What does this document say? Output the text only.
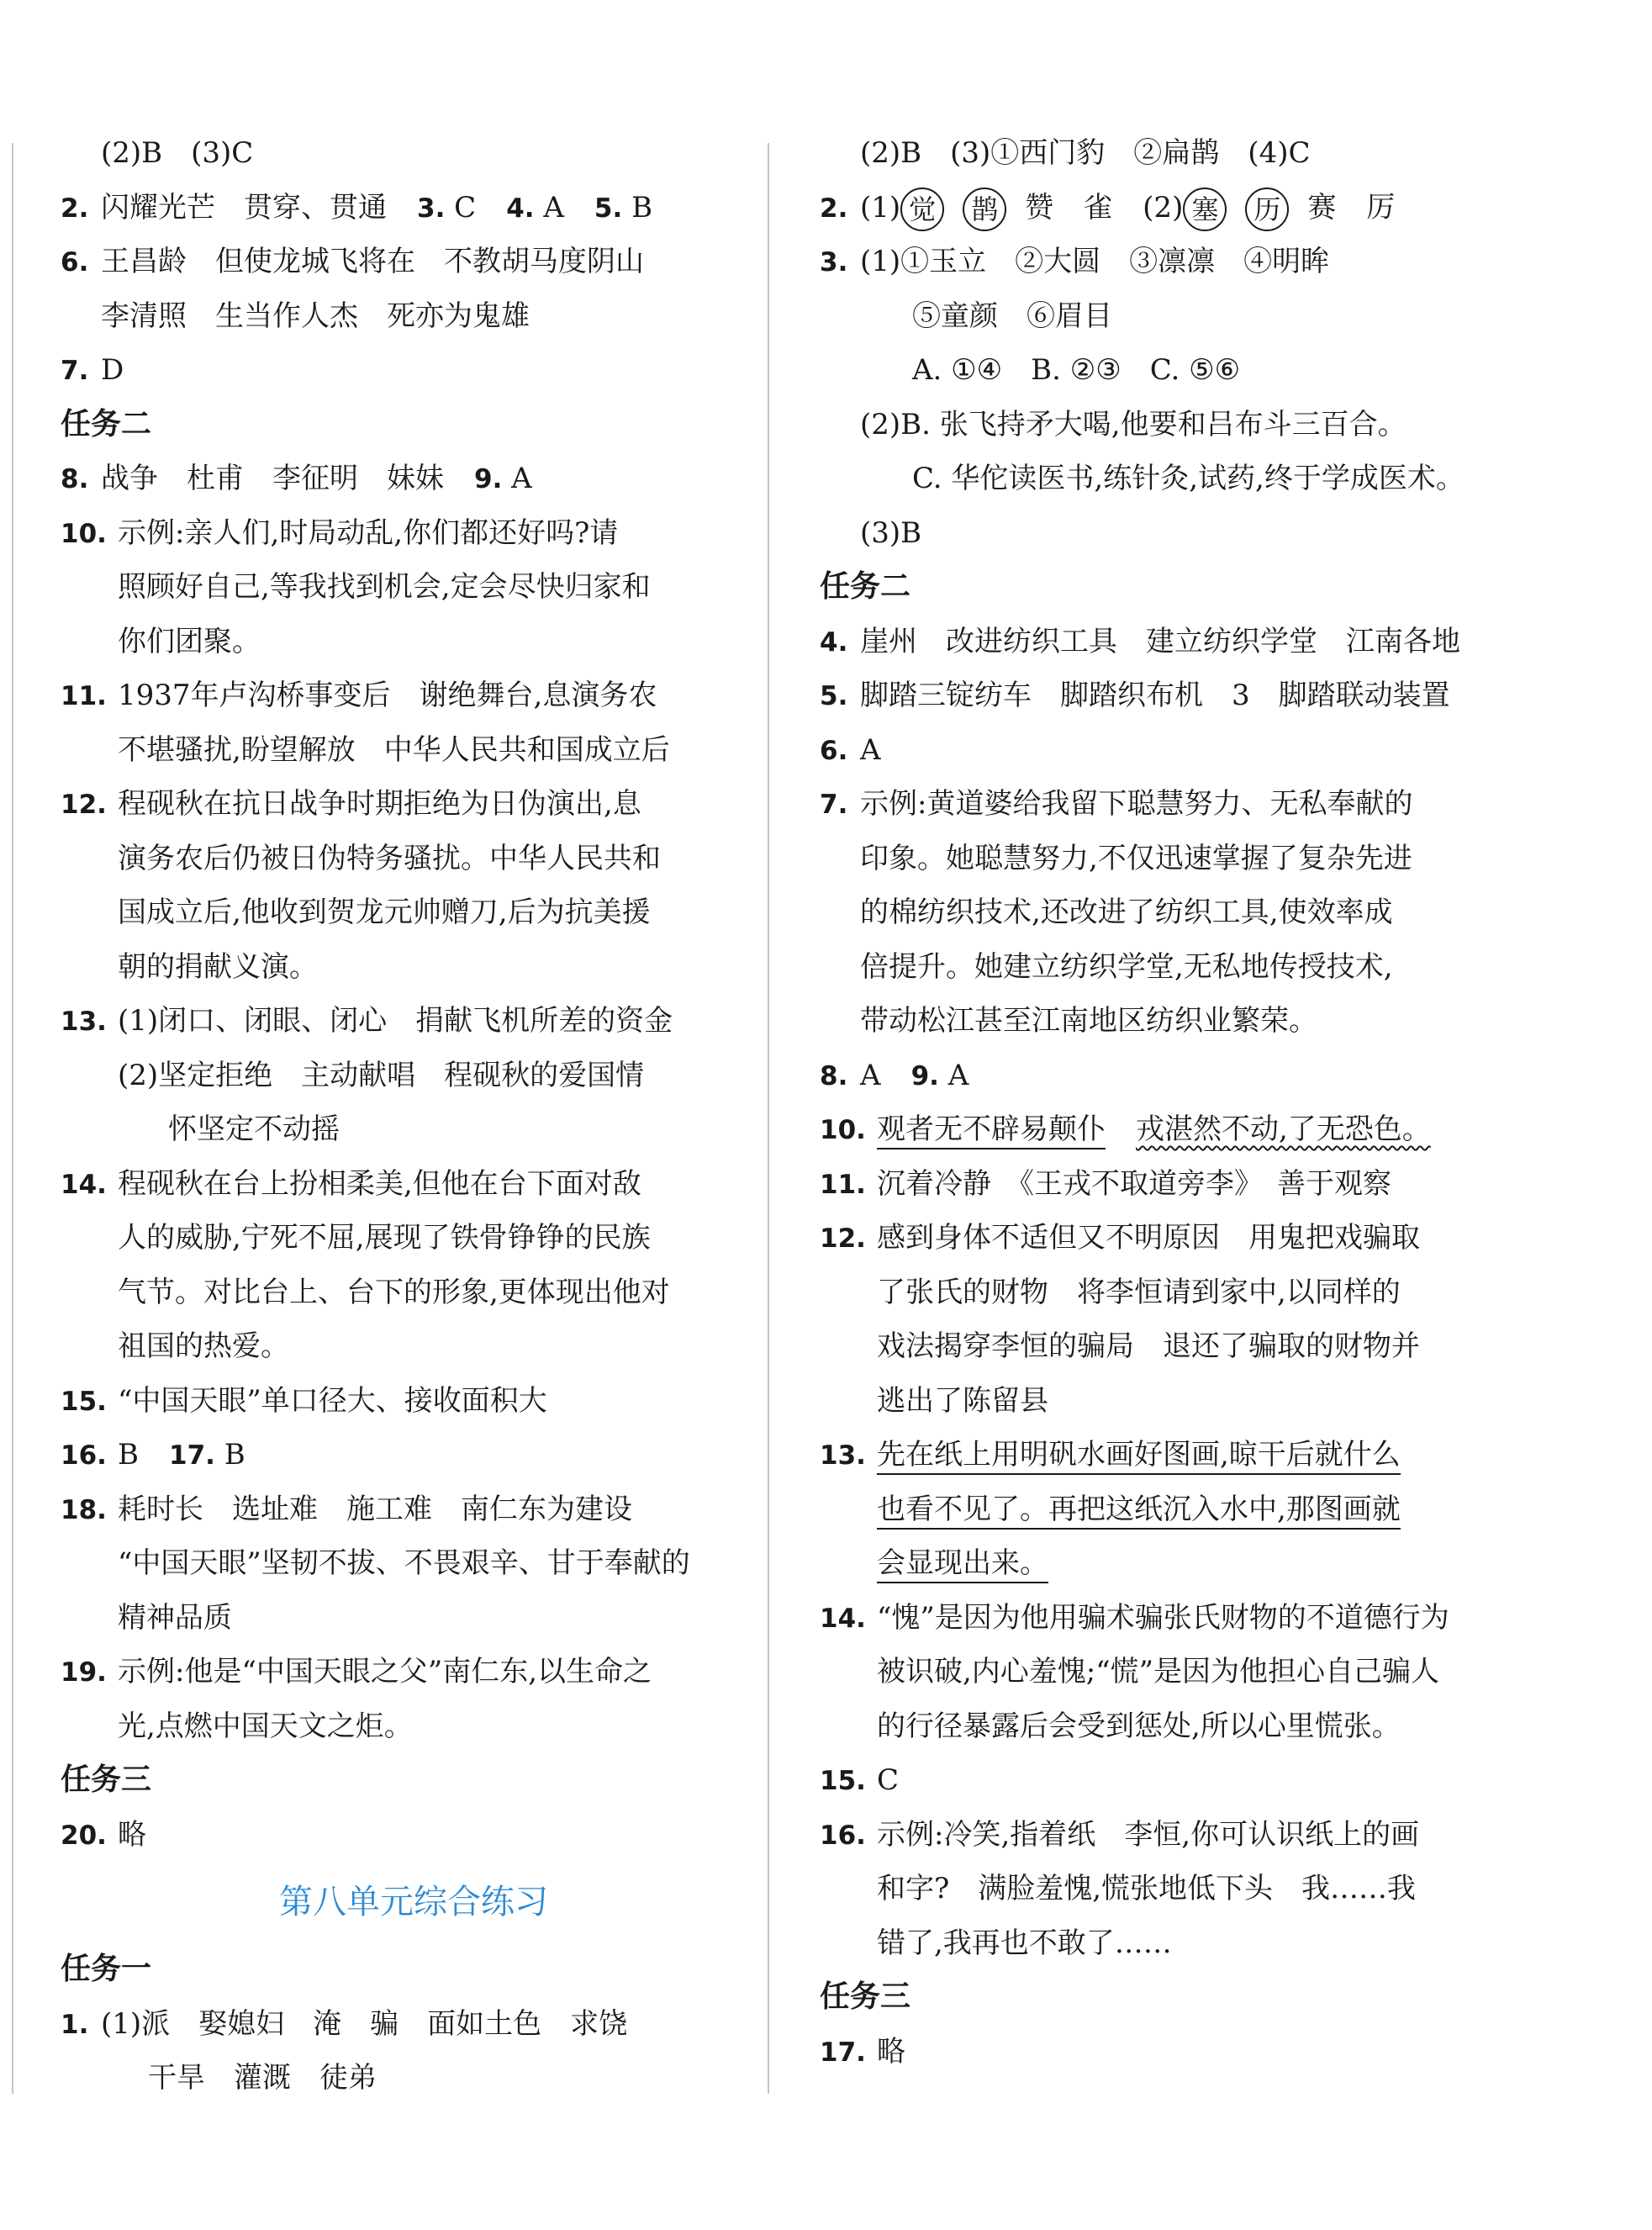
(2)B　(3)C
2. 闪耀光芒　贯穿、贯通 3. C 4. A 5. B
6. 王昌龄　但使龙城飞将在　不教胡马度阴山
李清照　生当作人杰　死亦为鬼雄
7. D
任务二
8. 战争　杜甫　李征明　妹妹 9. A
10. 示例:亲人们,时局动乱,你们都还好吗?请
照顾好自己,等我找到机会,定会尽快归家和
你们团聚。
11. 1937年卢沟桥事变后　谢绝舞台,息演务农
不堪骚扰,盼望解放　中华人民共和国成立后
12. 程砚秋在抗日战争时期拒绝为日伪演出,息
演务农后仍被日伪特务骚扰。中华人民共和
国成立后,他收到贺龙元帅赠刀,后为抗美援
朝的捐献义演。
13. (1)闭口、闭眼、闭心　捐献飞机所差的资金
(2)坚定拒绝　主动献唱　程砚秋的爱国情
怀坚定不动摇
14. 程砚秋在台上扮相柔美,但他在台下面对敌
人的威胁,宁死不屈,展现了铁骨铮铮的民族
气节。对比台上、台下的形象,更体现出他对
祖国的热爱。
15. “中国天眼”单口径大、接收面积大
16. B 17. B
18. 耗时长　选址难　施工难　南仁东为建设
“中国天眼”坚韧不拔、不畏艰辛、甘于奉献的
精神品质
19. 示例:他是“中国天眼之父”南仁东,以生命之
光,点燃中国天文之炬。
任务三
20. 略
第八单元综合练习
任务一
1. (1)派　娶媳妇　淹　骗　面如土色　求饶
干旱　灌溉　徒弟
(2)B　(3)①西门豹　②扁鹊　(4)C
2. (1) 觉 鹊 赞 雀 (2) 塞 历 赛 厉
3. (1)①玉立　②大圆　③凛凛　④明眸
⑤童颜　⑥眉目
A. ①④　B. ②③　C. ⑤⑥
(2)B. 张飞持矛大喝,他要和吕布斗三百合。
C. 华佗读医书,练针灸,试药,终于学成医术。
(3)B
任务二
4. 崖州　改进纺织工具　建立纺织学堂　江南各地
5. 脚踏三锭纺车　脚踏织布机　3　脚踏联动装置
6. A
7. 示例:黄道婆给我留下聪慧努力、无私奉献的
印象。她聪慧努力,不仅迅速掌握了复杂先进
的棉纺织技术,还改进了纺织工具,使效率成
倍提升。她建立纺织学堂,无私地传授技术,
带动松江甚至江南地区纺织业繁荣。
8. A 9. A
10. 观者无不辟易颠仆 戎湛然不动,了无恐色。
11. 沉着冷静　《王戎不取道旁李》　善于观察
12. 感到身体不适但又不明原因　用鬼把戏骗取
了张氏的财物　将李恒请到家中,以同样的
戏法揭穿李恒的骗局　退还了骗取的财物并
逃出了陈留县
13. 先在纸上用明矾水画好图画,晾干后就什么
也看不见了。再把这纸沉入水中,那图画就
会显现出来。
14. “愧”是因为他用骗术骗张氏财物的不道德行为
被识破,内心羞愧;“慌”是因为他担心自己骗人
的行径暴露后会受到惩处,所以心里慌张。
15. C
16. 示例:冷笑,指着纸　李恒,你可认识纸上的画
和字?　满脸羞愧,慌张地低下头　我……我
错了,我再也不敢了……
任务三
17. 略
